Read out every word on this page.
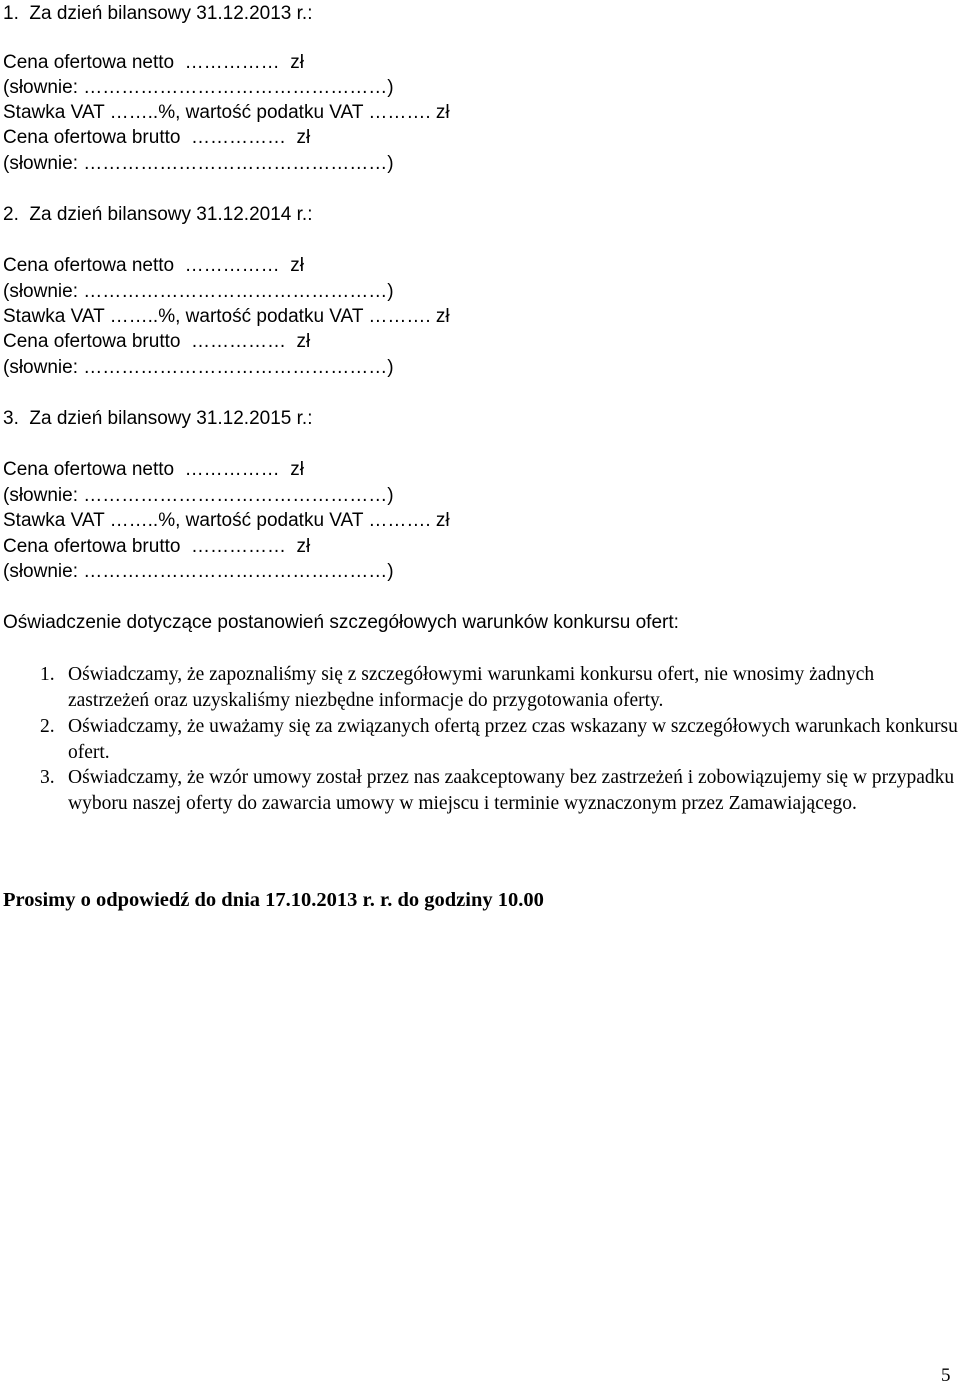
1.  Za dzień bilansowy 31.12.2013 r.:
Cena ofertowa netto  ……………  zł
(słownie: …………………………………………)
Stawka VAT ……..%, wartość podatku VAT ………. zł
Cena ofertowa brutto  ……………  zł
(słownie: …………………………………………)
2.  Za dzień bilansowy 31.12.2014 r.:
Cena ofertowa netto  ……………  zł
(słownie: …………………………………………)
Stawka VAT ……..%, wartość podatku VAT ………. zł
Cena ofertowa brutto  ……………  zł
(słownie: …………………………………………)
3.  Za dzień bilansowy 31.12.2015 r.:
Cena ofertowa netto  ……………  zł
(słownie: …………………………………………)
Stawka VAT ……..%, wartość podatku VAT ………. zł
Cena ofertowa brutto  ……………  zł
(słownie: …………………………………………)
Oświadczenie dotyczące postanowień szczegółowych warunków konkursu ofert:
1. Oświadczamy, że zapoznaliśmy się z szczegółowymi warunkami konkursu ofert, nie wnosimy żadnych zastrzeżeń oraz uzyskaliśmy niezbędne informacje do przygotowania oferty.
2. Oświadczamy, że uważamy się za związanych ofertą przez czas wskazany w szczegółowych warunkach konkursu ofert.
3. Oświadczamy, że wzór umowy został przez nas zaakceptowany bez zastrzeżeń i zobowiązujemy się w przypadku wyboru naszej oferty do zawarcia umowy w miejscu i terminie wyznaczonym przez Zamawiającego.
Prosimy o odpowiedź do dnia 17.10.2013 r. r. do godziny 10.00
5
